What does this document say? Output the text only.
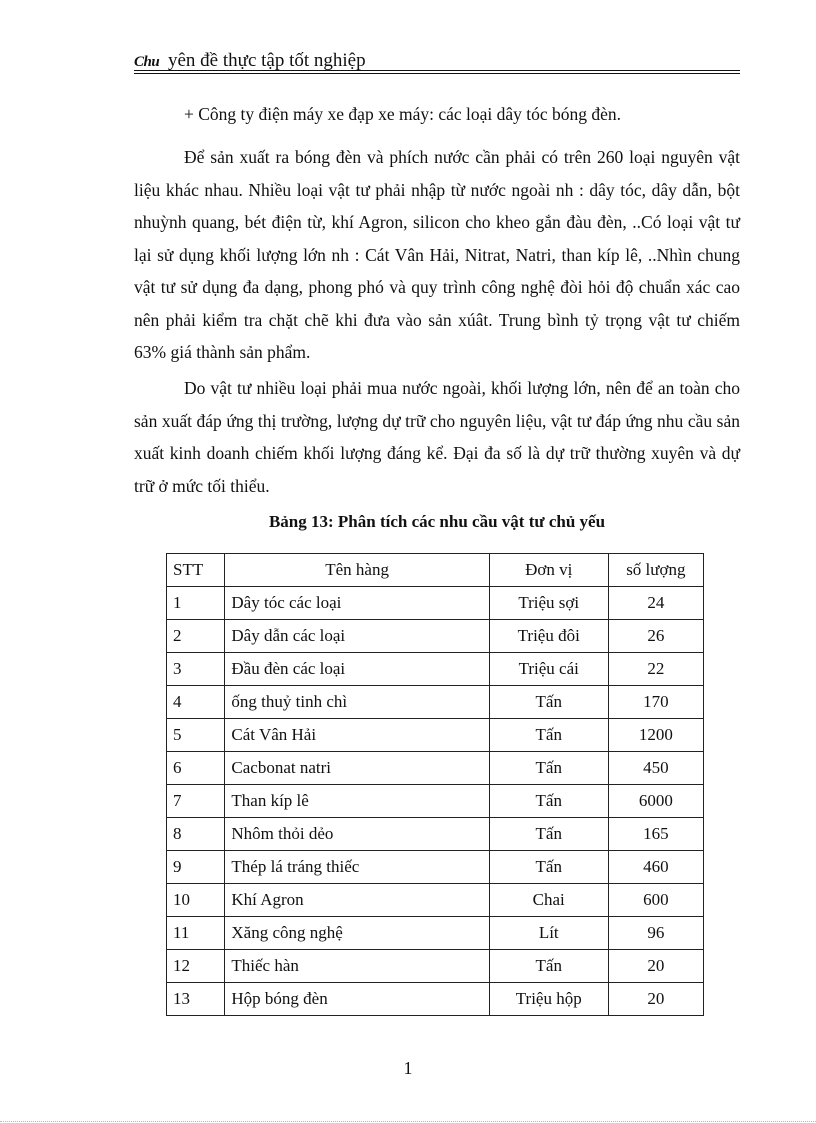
Chu yên đề thực tập tốt nghiệp

+ Công ty điện máy xe đạp xe máy: các loại dây tóc bóng đèn.

Để sản xuất ra bóng đèn và phích nước cần phải có trên 260 loại nguyên vật liệu khác nhau. Nhiều loại vật tư phải nhập từ nước ngoài nh : dây tóc, dây dẫn, bột nhuỳnh quang, bét điện từ, khí Agron, silicon cho kheo gắn đàu đèn, ..Có loại vật tư lại sử dụng khối lượng lớn nh : Cát Vân Hải, Nitrat, Natri, than kíp lê, ..Nhìn chung vật tư sử dụng đa dạng, phong phó và quy trình công nghệ đòi hỏi độ chuẩn xác cao nên phải kiểm tra chặt chẽ khi đưa vào sản xúât. Trung bình tỷ trọng vật tư chiếm 63% giá thành sản phẩm.

Do vật tư nhiều loại phải mua nước ngoài, khối lượng lớn, nên để an toàn cho sản xuất đáp ứng thị trường, lượng dự trữ cho nguyên liệu, vật tư đáp ứng nhu cầu sản xuất kinh doanh chiếm khối lượng đáng kể. Đại đa số là dự trữ thường xuyên và dự trữ ở mức tối thiểu.

Bảng 13: Phân tích các nhu cầu vật tư chủ yếu
STT	Tên hàng	Đơn vị	số lượng
1	Dây tóc các loại	Triệu sợi	24
2	Dây dẫn các loại	Triệu đôi	26
3	Đầu đèn các loại	Triệu cái	22
4	ống thuỷ tinh chì	Tấn	170
5	Cát Vân Hải	Tấn	1200
6	Cacbonat natri	Tấn	450
7	Than kíp lê	Tấn	6000
8	Nhôm thỏi dẻo	Tấn	165
9	Thép lá tráng thiếc	Tấn	460
10	Khí Agron	Chai	600
11	Xăng công nghệ	Lít	96
12	Thiếc hàn	Tấn	20
13	Hộp bóng đèn	Triệu hộp	20
1
